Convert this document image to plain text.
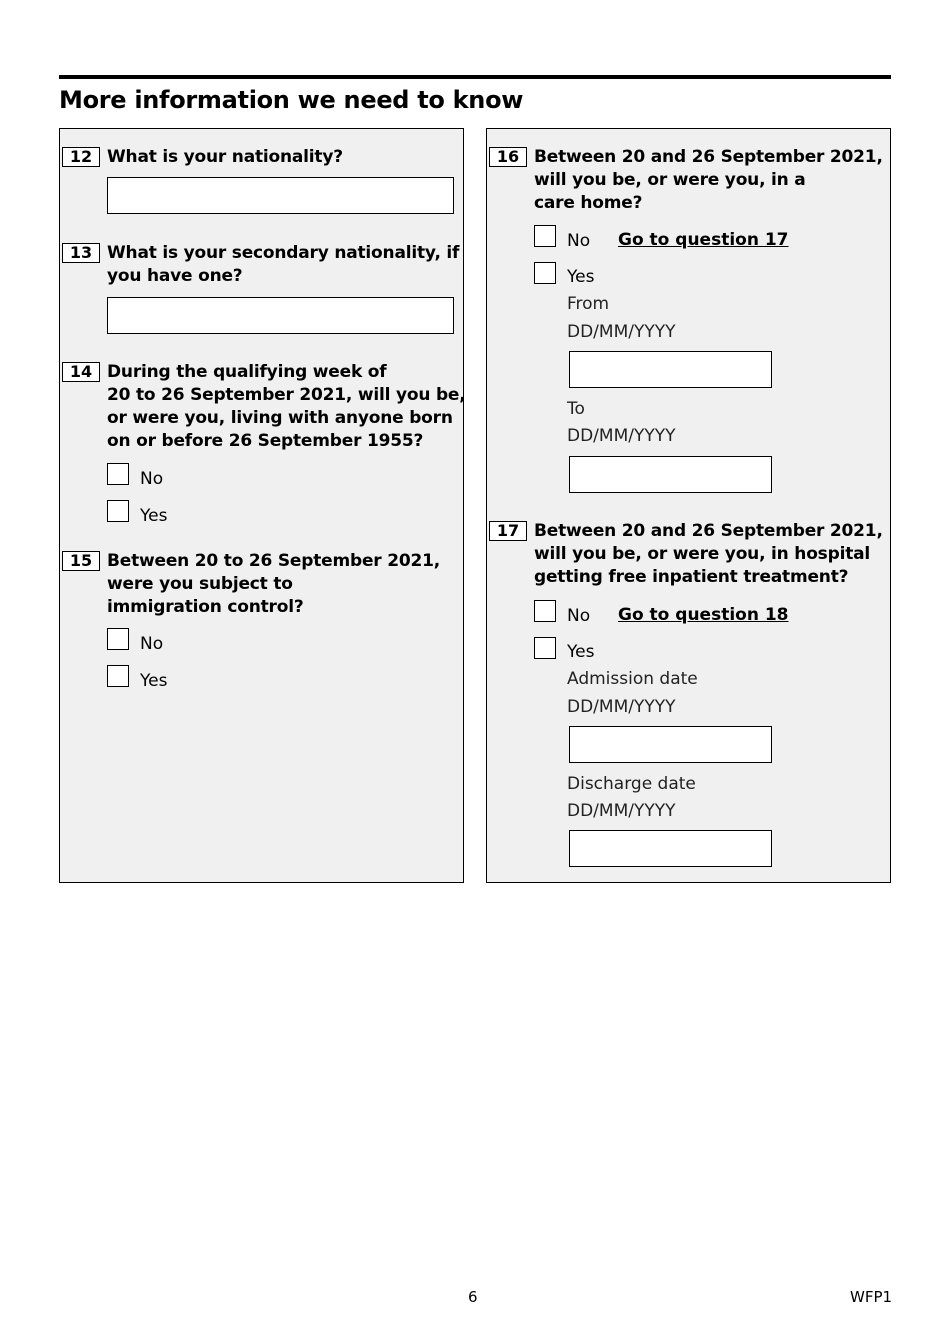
More information we need to know
12 What is your nationality?
13 What is your secondary nationality, if
you have one?
14 During the qualifying week of
20 to 26 September 2021, will you be,
or were you, living with anyone born
on or before 26 September 1955?
No
Yes
15 Between 20 to 26 September 2021,
were you subject to
immigration control?
No
Yes
16 Between 20 and 26 September 2021,
will you be, or were you, in a
care home?
No Go to question 17
Yes
From
DD/MM/YYYY
To
DD/MM/YYYY
17 Between 20 and 26 September 2021,
will you be, or were you, in hospital
getting free inpatient treatment?
No Go to question 18
Yes
Admission date
DD/MM/YYYY
Discharge date
DD/MM/YYYY
6	WFP1
